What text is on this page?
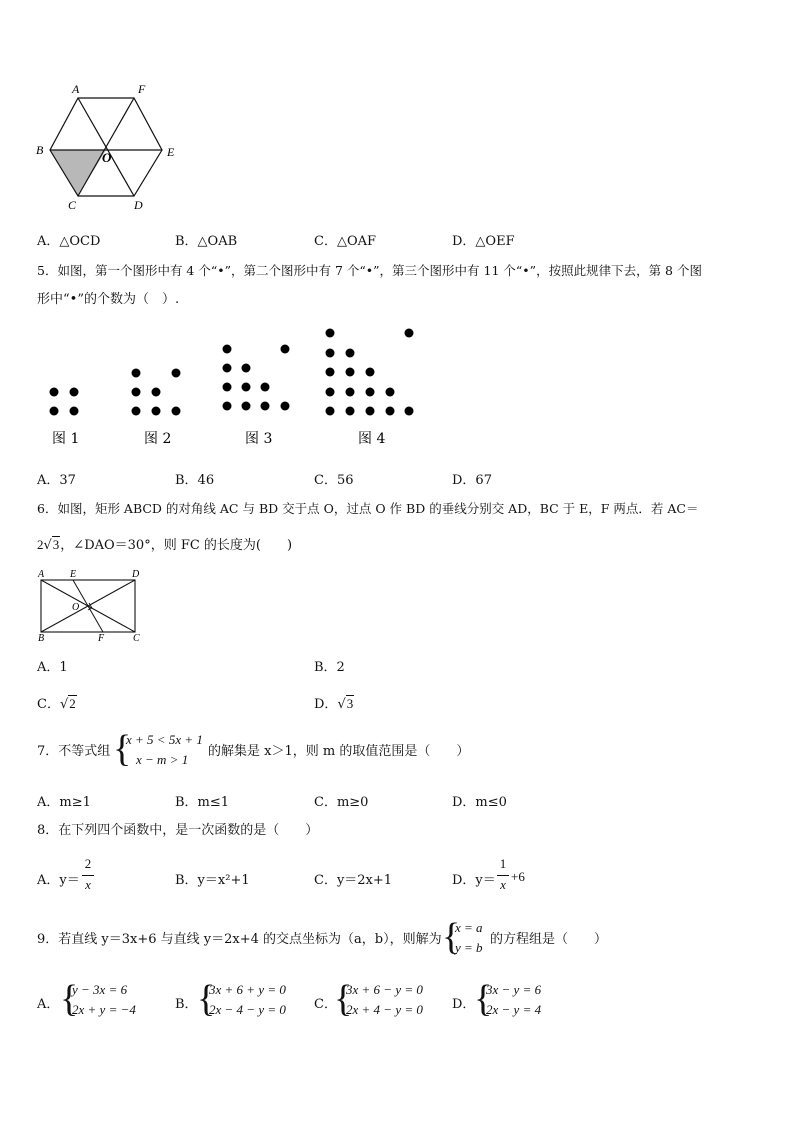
A	F
B	O	E
C	D
A．△OCD	B．△OAB	C．△OAF	D．△OEF
5．如图，第一个图形中有 4 个“•”，第二个图形中有 7 个“•”，第三个图形中有 11 个“•”，按照此规律下去，第 8 个图
形中“•”的个数为（　）.
图 1	图 2	图 3	图 4
A．37	B．46	C．56	D．67
6．如图，矩形 ABCD 的对角线 AC 与 BD 交于点 O，过点 O 作 BD 的垂线分别交 AD，BC 于 E，F 两点．若 AC＝
2√3，∠DAO＝30°，则 FC 的长度为(　　)
A	E	D
O
B	F	C
A．1	B．2
C．√2	D．√3
7．不等式组 {
x + 5 < 5x + 1
x − m > 1
的解集是 x＞1，则 m 的取值范围是（　　）
A．m≥1	B．m≤1	C．m≥0	D．m≤0
8．在下列四个函数中，是一次函数的是（　　）
A．y＝
2
x	B．y＝x²+1	C．y＝2x+1	D．y＝
1
x
+6
9．若直线 y＝3x+6 与直线 y＝2x+4 的交点坐标为（a，b），则解为 {
x = a
y = b
的方程组是（　　）
A． {
y − 3x = 6
2x + y = −4	B． {
3x + 6 + y = 0
2x − 4 − y = 0 C．
{
3x + 6 − y = 0
2x + 4 − y = 0 D．
{
3x − y = 6
2x − y = 4
